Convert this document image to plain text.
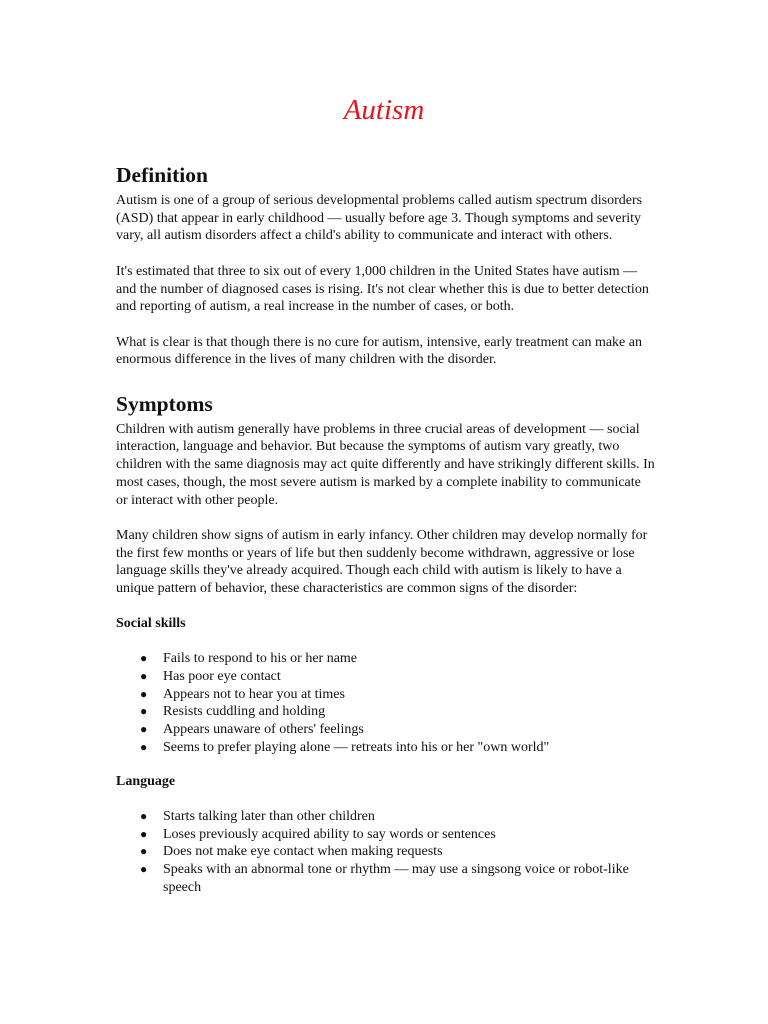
Autism
Definition

Autism is one of a group of serious developmental problems called autism spectrum disorders (ASD) that appear in early childhood — usually before age 3. Though symptoms and severity vary, all autism disorders affect a child's ability to communicate and interact with others.

It's estimated that three to six out of every 1,000 children in the United States have autism — and the number of diagnosed cases is rising. It's not clear whether this is due to better detection and reporting of autism, a real increase in the number of cases, or both.

What is clear is that though there is no cure for autism, intensive, early treatment can make an enormous difference in the lives of many children with the disorder.

Symptoms

Children with autism generally have problems in three crucial areas of development — social interaction, language and behavior. But because the symptoms of autism vary greatly, two children with the same diagnosis may act quite differently and have strikingly different skills. In most cases, though, the most severe autism is marked by a complete inability to communicate or interact with other people.

Many children show signs of autism in early infancy. Other children may develop normally for the first few months or years of life but then suddenly become withdrawn, aggressive or lose language skills they've already acquired. Though each child with autism is likely to have a unique pattern of behavior, these characteristics are common signs of the disorder:

Social skills
● Fails to respond to his or her name
● Has poor eye contact
● Appears not to hear you at times
● Resists cuddling and holding
● Appears unaware of others' feelings
● Seems to prefer playing alone — retreats into his or her "own world"
Language
● Starts talking later than other children
● Loses previously acquired ability to say words or sentences
● Does not make eye contact when making requests
● Speaks with an abnormal tone or rhythm — may use a singsong voice or robot-like speech
